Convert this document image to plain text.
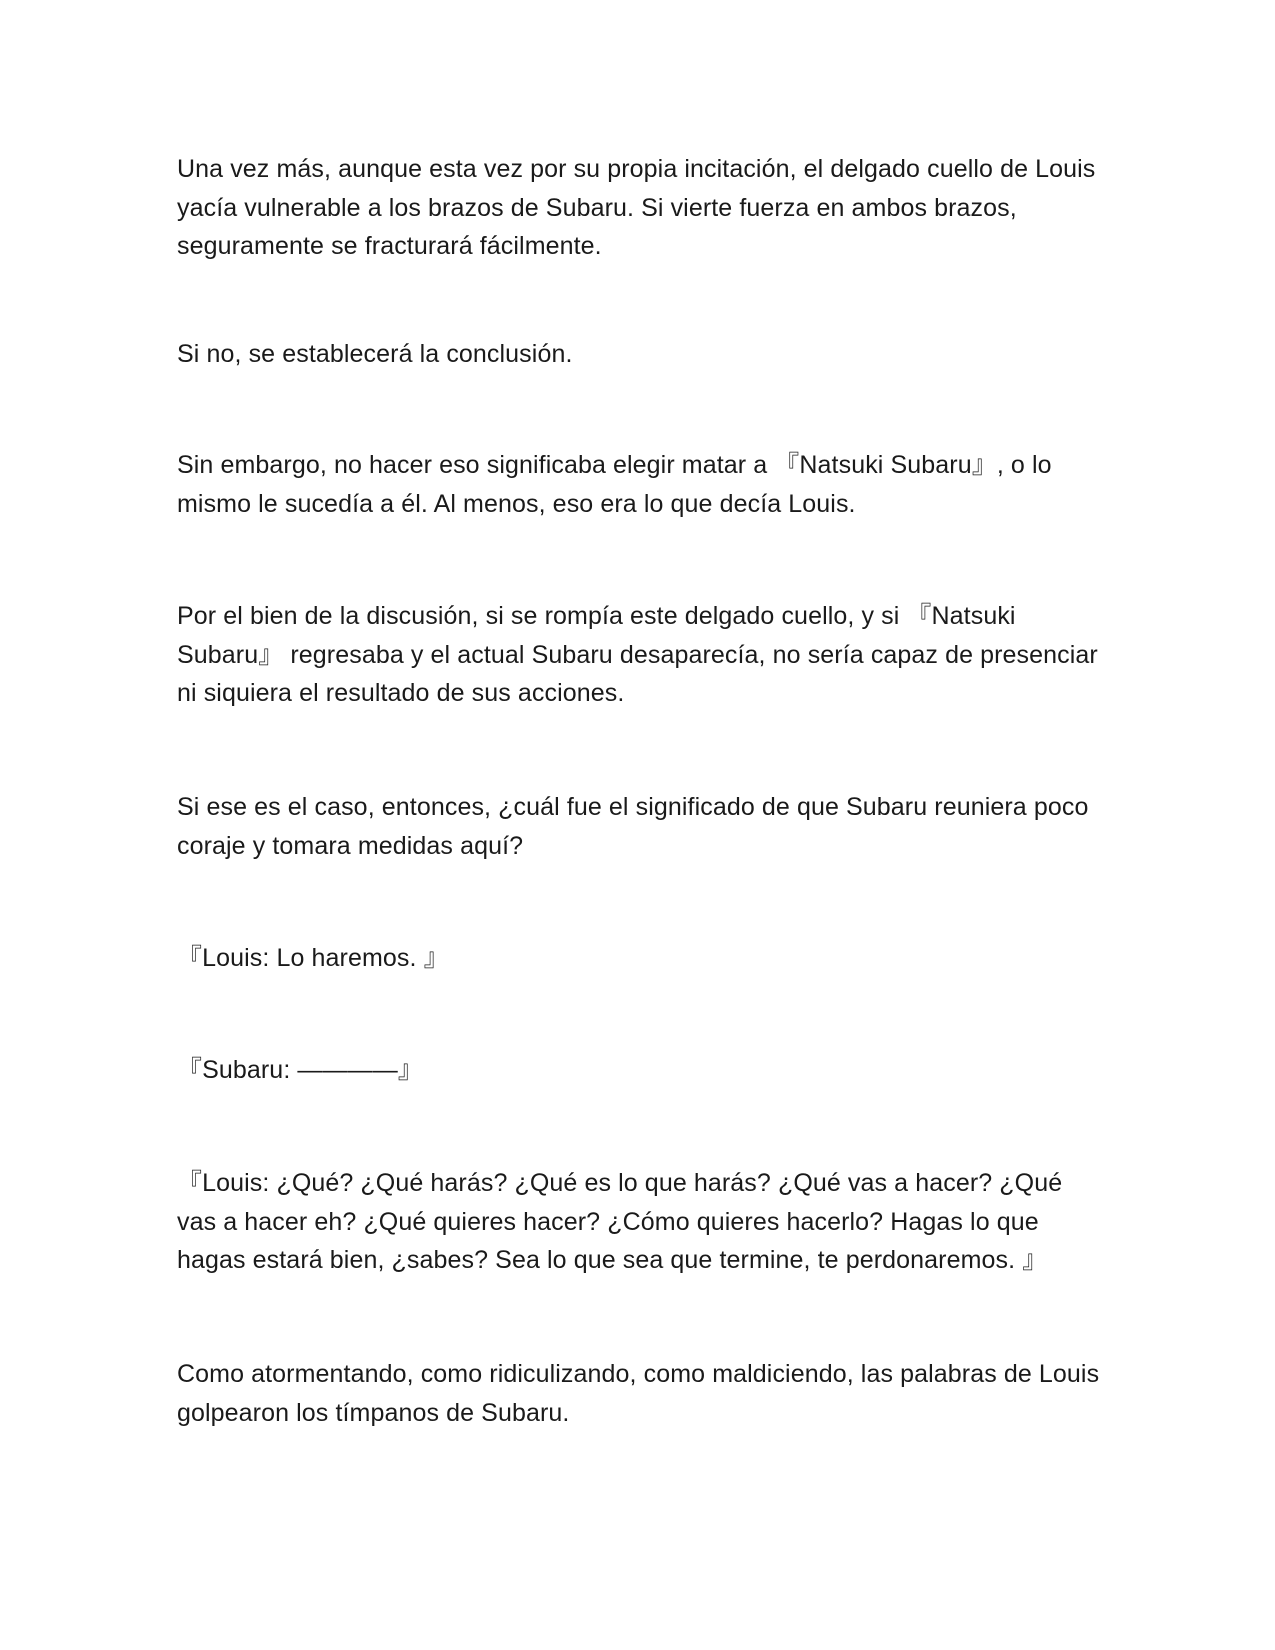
Una vez más, aunque esta vez por su propia incitación, el delgado cuello de Louis yacía vulnerable a los brazos de Subaru. Si vierte fuerza en ambos brazos, seguramente se fracturará fácilmente.

Si no, se establecerá la conclusión.

Sin embargo, no hacer eso significaba elegir matar a 『Natsuki Subaru』, o lo mismo le sucedía a él. Al menos, eso era lo que decía Louis.

Por el bien de la discusión, si se rompía este delgado cuello, y si 『Natsuki Subaru』 regresaba y el actual Subaru desaparecía, no sería capaz de presenciar ni siquiera el resultado de sus acciones.

Si ese es el caso, entonces, ¿cuál fue el significado de que Subaru reuniera poco coraje y tomara medidas aquí?

『Louis: Lo haremos. 』

『Subaru: ————』

『Louis: ¿Qué? ¿Qué harás? ¿Qué es lo que harás? ¿Qué vas a hacer? ¿Qué vas a hacer eh? ¿Qué quieres hacer? ¿Cómo quieres hacerlo? Hagas lo que hagas estará bien, ¿sabes? Sea lo que sea que termine, te perdonaremos. 』

Como atormentando, como ridiculizando, como maldiciendo, las palabras de Louis golpearon los tímpanos de Subaru.
